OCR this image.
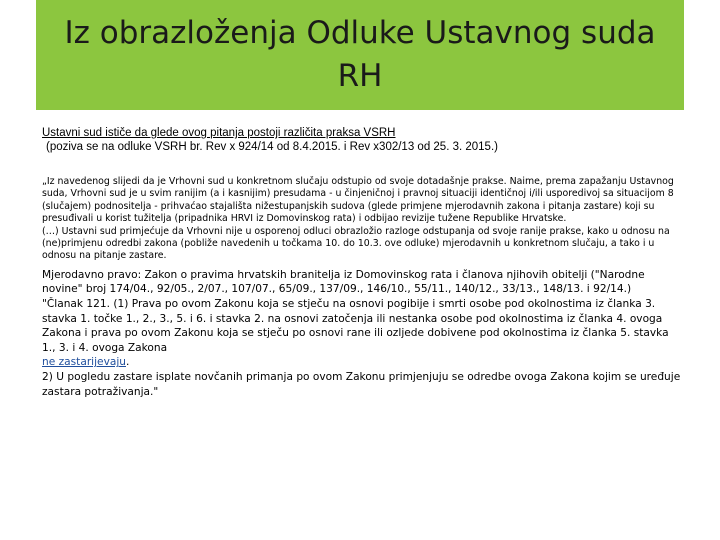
Iz obrazloženja Odluke Ustavnog suda RH
Ustavni sud ističe da glede ovog pitanja postoji različita praksa VSRH
(poziva se na odluke VSRH br. Rev x 924/14 od 8.4.2015. i Rev x302/13 od 25. 3. 2015.)

„Iz navedenog slijedi da je Vrhovni sud u konkretnom slučaju odstupio od svoje dotadašnje prakse. Naime, prema zapažanju Ustavnog suda, Vrhovni sud je u svim ranijim (a i kasnijim) presudama - u činjeničnoj i pravnoj situaciji identičnoj i/ili usporedivoj sa situacijom 8 (slučajem) podnositelja - prihvaćao stajališta nižestupanjskih sudova (glede primjene mjerodavnih zakona i pitanja zastare) koji su presuđivali u korist tužitelja (pripadnika HRVI iz Domovinskog rata) i odbijao revizije tužene Republike Hrvatske.

(…) Ustavni sud primjećuje da Vrhovni nije u osporenoj odluci obrazložio razloge odstupanja od svoje ranije prakse, kako u odnosu na (ne)primjenu odredbi zakona (pobliže navedenih u točkama 10. do 10.3. ove odluke) mjerodavnih u konkretnom slučaju, a tako i u odnosu na pitanje zastare.

Mjerodavno pravo: Zakon o pravima hrvatskih branitelja iz Domovinskog rata i članova njihovih obitelji ("Narodne novine" broj 174/04., 92/05., 2/07., 107/07., 65/09., 137/09., 146/10., 55/11., 140/12., 33/13., 148/13. i 92/14.)

"Članak 121. (1) Prava po ovom Zakonu koja se stječu na osnovi pogibije i smrti osobe pod okolnostima iz članka 3. stavka 1. točke 1., 2., 3., 5. i 6. i stavka 2. na osnovi zatočenja ili nestanka osobe pod okolnostima iz članka 4. ovoga Zakona i prava po ovom Zakonu koja se stječu po osnovi rane ili ozljede dobivene pod okolnostima iz članka 5. stavka 1., 3. i 4. ovoga Zakona

ne zastarijevaju.

2) U pogledu zastare isplate novčanih primanja po ovom Zakonu primjenjuju se odredbe ovoga Zakona kojim se uređuje zastara potraživanja."
